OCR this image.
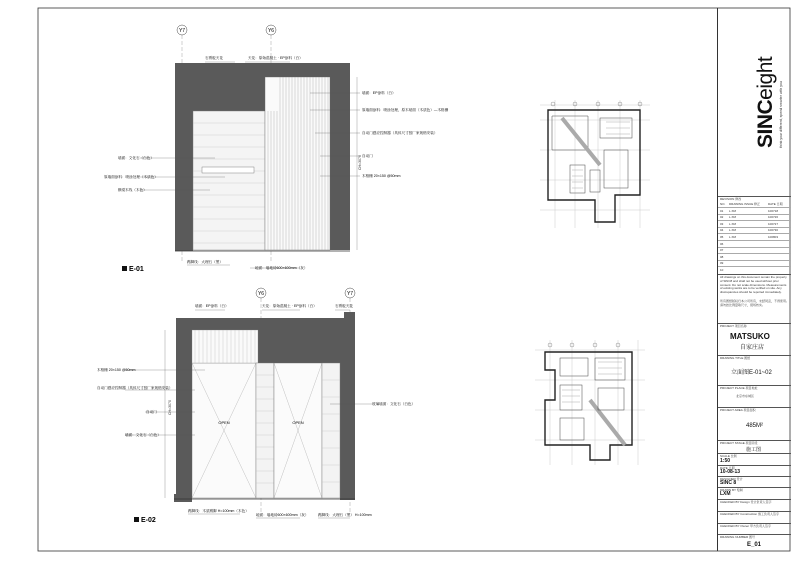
Y7	Y6
CH=3070
石膏板天花	天花：原始混凝土 · EP涂料（白）
墙面：EP涂料（白）
原墙面涂料：喷涂处理，原木贴面（木质色）—木格栅
自动门感应控制器（具体尺寸按厂家规格安装）
自动门
木格栅 20×150 @50mm
墙面：文化石（白色）
原墙面涂料：喷涂处理（木质色）
横梁木线（木色）
踢脚线：大理石（黑）
地面：墙地砖600×600mm（灰）
E-01
Y6	Y7
OPEN	OPEN
CH=3070
墙面：EP涂料（白）	天花：原始混凝土 · EP涂料（白）	石膏板天花
木格栅 20×150 @50mm
自动门感应控制器（具体尺寸按厂家规格安装）
自动门
墙面：文化石（白色）
玻璃墙面：文化石（白色）
踢脚线：木质踢脚 H=100mm（木色）
地面：墙地砖600×600mm（灰）	踢脚线：大理石（黑） H=100mm
E-02
SINCeight
think your different, spend smarter with you
REVISION 修改
NO. DRAWING ISSUE 修正	DATE 日期
01 L.XM	100718
02 L.XM	100726
03 L.XM	100727
04 L.XM	100730
05 L.XM	100803
06
07
08
09
10
All drawings on this document remain the property of SINC8 and shall not be used without prior consent. Do not scale dimensions. Measurements of existing works are to be verified on site. Any discrepancies should be reported immediately.
所有图纸版权归本公司所有，未经同意，不得使用。请勿按比例量取尺寸，现场核实。
PROJECT 项目名称
MATSUKO
自家庄店
DRAWING TITLE 图纸
立面图E-01~02
PROJECT PLACE 项目地址
北京市东城区
PROJECT AREA 项目面积
485M²
PROJECT STAGE 项目阶段
施工图
SCALE 比例
1:50
DATE 日期
10-08-13
DESIGNER 设计
SINC 8
DRAWN BY 绘制
LXM
CHECKED BY Design 设计负责人签字
CHECKED BY Construction 施工负责人签字
CHECKED BY Owner 甲方负责人签字
DRAWING NUMBER 图号
E_01
